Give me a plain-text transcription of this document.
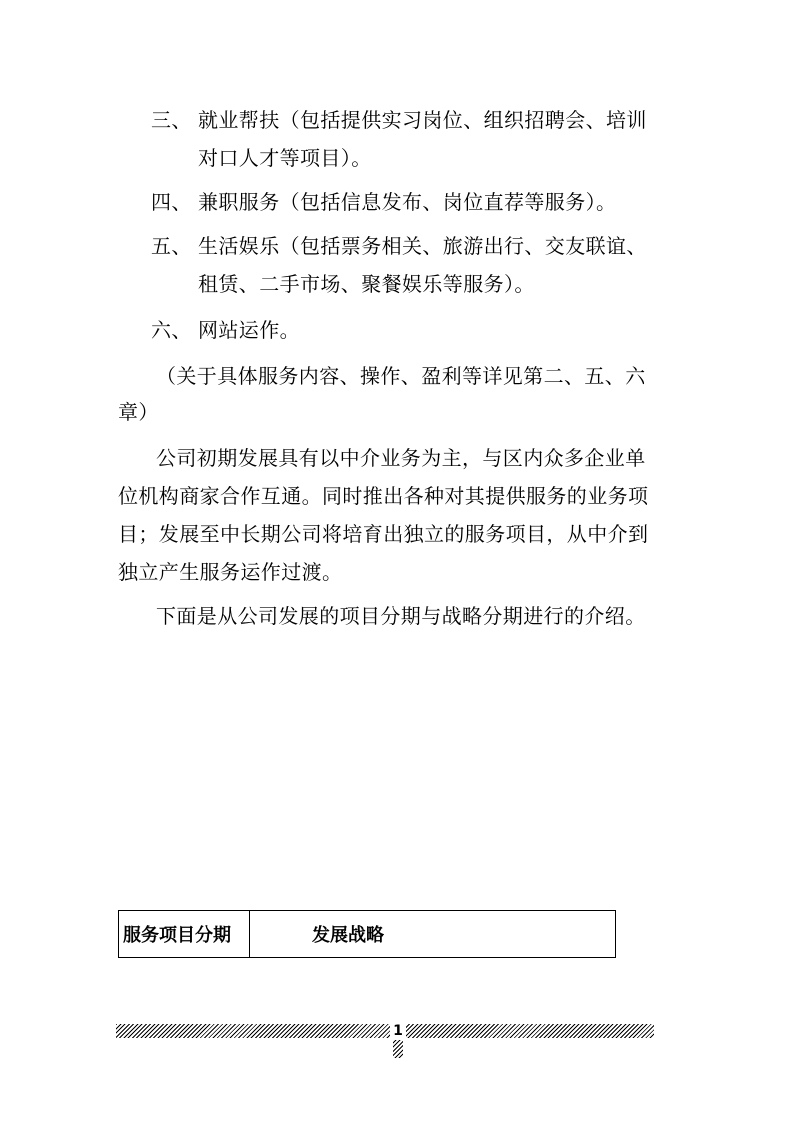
三、 就业帮扶（包括提供实习岗位、组织招聘会、培训
对口人才等项目）。
四、 兼职服务（包括信息发布、岗位直荐等服务）。
五、 生活娱乐（包括票务相关、旅游出行、交友联谊、
租赁、二手市场、聚餐娱乐等服务）。
六、 网站运作。
（关于具体服务内容、操作、盈利等详见第二、五、六
章）
公司初期发展具有以中介业务为主，与区内众多企业单
位机构商家合作互通。同时推出各种对其提供服务的业务项
目；发展至中长期公司将培育出独立的服务项目，从中介到
独立产生服务运作过渡。
下面是从公司发展的项目分期与战略分期进行的介绍。
服务项目分期	发展战略
1
